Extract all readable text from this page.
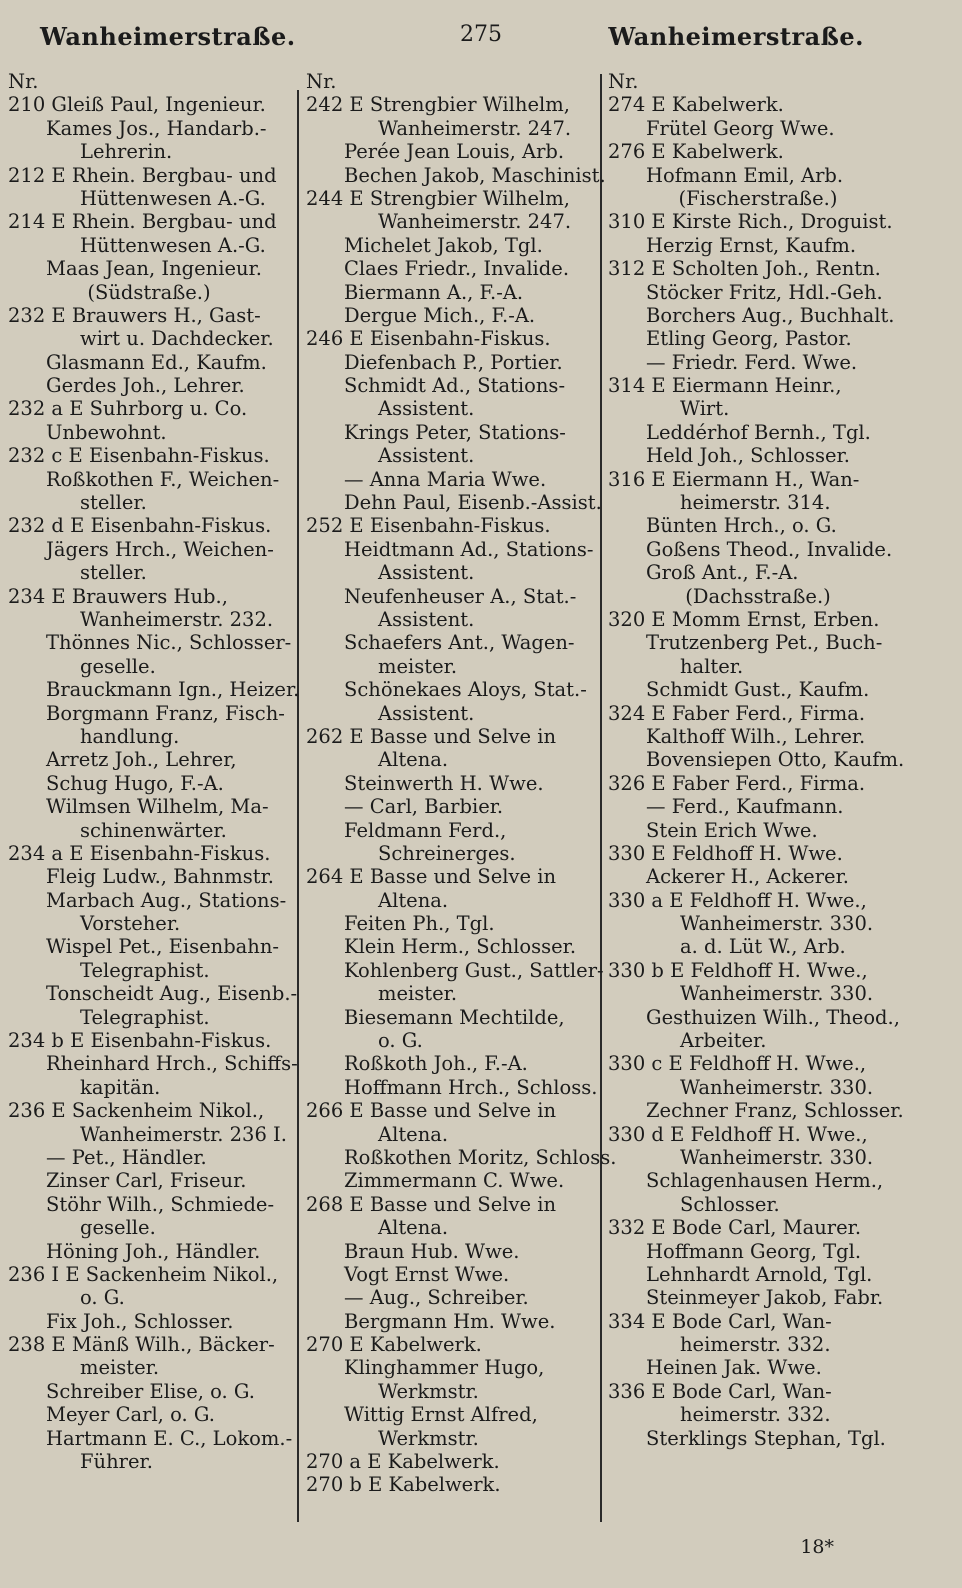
275
Wanheimerstraße.	Wanheimerstraße.
Nr.
210 Gleiß Paul, Ingenieur.
Kames Jos., Handarb.-
Lehrerin.
212 E Rhein. Bergbau- und
Hüttenwesen A.-G.
214 E Rhein. Bergbau- und
Hüttenwesen A.-G.
Maas Jean, Ingenieur.
(Südstraße.)
232 E Brauwers H., Gast-
wirt u. Dachdecker.
Glasmann Ed., Kaufm.
Gerdes Joh., Lehrer.
232 a E Suhrborg u. Co.
Unbewohnt.
232 c E Eisenbahn-Fiskus.
Roßkothen F., Weichen-
steller.
232 d E Eisenbahn-Fiskus.
Jägers Hrch., Weichen-
steller.
234 E Brauwers Hub.,
Wanheimerstr. 232.
Thönnes Nic., Schlosser-
geselle.
Brauckmann Ign., Heizer.
Borgmann Franz, Fisch-
handlung.
Arretz Joh., Lehrer,
Schug Hugo, F.-A.
Wilmsen Wilhelm, Ma-
schinenwärter.
234 a E Eisenbahn-Fiskus.
Fleig Ludw., Bahnmstr.
Marbach Aug., Stations-
Vorsteher.
Wispel Pet., Eisenbahn-
Telegraphist.
Tonscheidt Aug., Eisenb.-
Telegraphist.
234 b E Eisenbahn-Fiskus.
Rheinhard Hrch., Schiffs-
kapitän.
236 E Sackenheim Nikol.,
Wanheimerstr. 236 I.
— Pet., Händler.
Zinser Carl, Friseur.
Stöhr Wilh., Schmiede-
geselle.
Höning Joh., Händler.
236 I E Sackenheim Nikol.,
o. G.
Fix Joh., Schlosser.
238 E Mänß Wilh., Bäcker-
meister.
Schreiber Elise, o. G.
Meyer Carl, o. G.
Hartmann E. C., Lokom.-
Führer.
Nr.
242 E Strengbier Wilhelm,
Wanheimerstr. 247.
Perée Jean Louis, Arb.
Bechen Jakob, Maschinist.
244 E Strengbier Wilhelm,
Wanheimerstr. 247.
Michelet Jakob, Tgl.
Claes Friedr., Invalide.
Biermann A., F.-A.
Dergue Mich., F.-A.
246 E Eisenbahn-Fiskus.
Diefenbach P., Portier.
Schmidt Ad., Stations-
Assistent.
Krings Peter, Stations-
Assistent.
— Anna Maria Wwe.
Dehn Paul, Eisenb.-Assist.
252 E Eisenbahn-Fiskus.
Heidtmann Ad., Stations-
Assistent.
Neufenheuser A., Stat.-
Assistent.
Schaefers Ant., Wagen-
meister.
Schönekaes Aloys, Stat.-
Assistent.
262 E Basse und Selve in
Altena.
Steinwerth H. Wwe.
— Carl, Barbier.
Feldmann Ferd.,
Schreinerges.
264 E Basse und Selve in
Altena.
Feiten Ph., Tgl.
Klein Herm., Schlosser.
Kohlenberg Gust., Sattler-
meister.
Biesemann Mechtilde,
o. G.
Roßkoth Joh., F.-A.
Hoffmann Hrch., Schloss.
266 E Basse und Selve in
Altena.
Roßkothen Moritz, Schloss.
Zimmermann C. Wwe.
268 E Basse und Selve in
Altena.
Braun Hub. Wwe.
Vogt Ernst Wwe.
— Aug., Schreiber.
Bergmann Hm. Wwe.
270 E Kabelwerk.
Klinghammer Hugo,
Werkmstr.
Wittig Ernst Alfred,
Werkmstr.
270 a E Kabelwerk.
270 b E Kabelwerk.
Nr.
274 E Kabelwerk.
Frütel Georg Wwe.
276 E Kabelwerk.
Hofmann Emil, Arb.
(Fischerstraße.)
310 E Kirste Rich., Droguist.
Herzig Ernst, Kaufm.
312 E Scholten Joh., Rentn.
Stöcker Fritz, Hdl.-Geh.
Borchers Aug., Buchhalt.
Etling Georg, Pastor.
— Friedr. Ferd. Wwe.
314 E Eiermann Heinr.,
Wirt.
Leddérhof Bernh., Tgl.
Held Joh., Schlosser.
316 E Eiermann H., Wan-
heimerstr. 314.
Bünten Hrch., o. G.
Goßens Theod., Invalide.
Groß Ant., F.-A.
(Dachsstraße.)
320 E Momm Ernst, Erben.
Trutzenberg Pet., Buch-
halter.
Schmidt Gust., Kaufm.
324 E Faber Ferd., Firma.
Kalthoff Wilh., Lehrer.
Bovensiepen Otto, Kaufm.
326 E Faber Ferd., Firma.
— Ferd., Kaufmann.
Stein Erich Wwe.
330 E Feldhoff H. Wwe.
Ackerer H., Ackerer.
330 a E Feldhoff H. Wwe.,
Wanheimerstr. 330.
a. d. Lüt W., Arb.
330 b E Feldhoff H. Wwe.,
Wanheimerstr. 330.
Gesthuizen Wilh., Theod.,
Arbeiter.
330 c E Feldhoff H. Wwe.,
Wanheimerstr. 330.
Zechner Franz, Schlosser.
330 d E Feldhoff H. Wwe.,
Wanheimerstr. 330.
Schlagenhausen Herm.,
Schlosser.
332 E Bode Carl, Maurer.
Hoffmann Georg, Tgl.
Lehnhardt Arnold, Tgl.
Steinmeyer Jakob, Fabr.
334 E Bode Carl, Wan-
heimerstr. 332.
Heinen Jak. Wwe.
336 E Bode Carl, Wan-
heimerstr. 332.
Sterklings Stephan, Tgl.
18*
